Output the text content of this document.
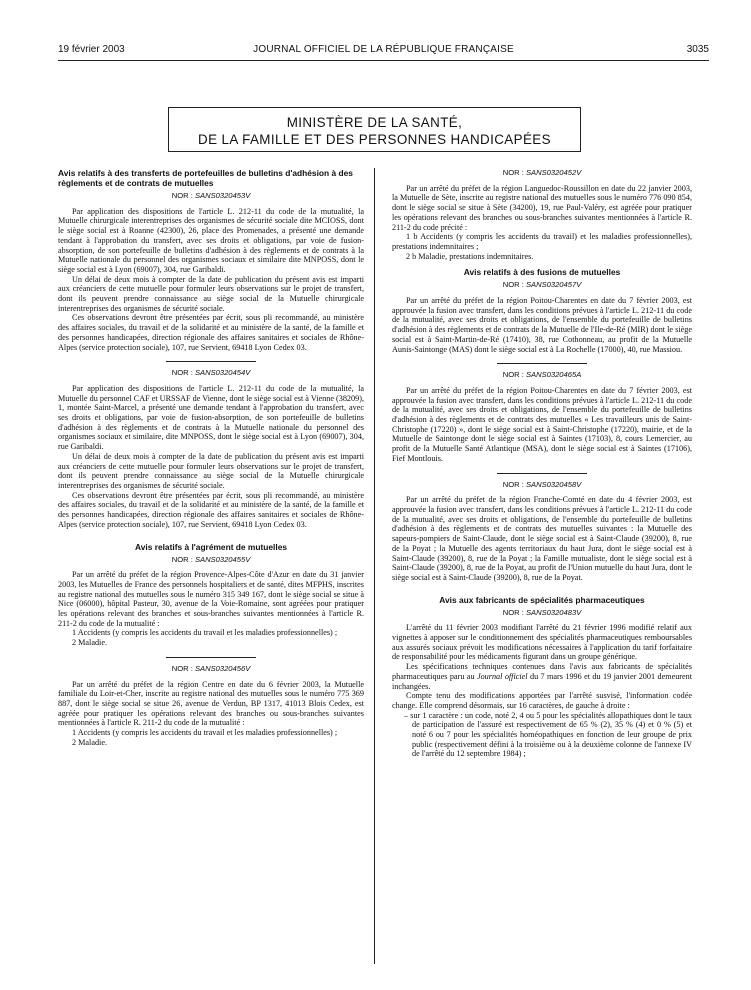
19 février 2003	JOURNAL OFFICIEL DE LA RÉPUBLIQUE FRANÇAISE	3035
MINISTÈRE DE LA SANTÉ,
DE LA FAMILLE ET DES PERSONNES HANDICAPÉES
Avis relatifs à des transferts de portefeuilles de bulletins d'adhésion à des règlements et de contrats de mutuelles
NOR : SANS0320453V

Par application des dispositions de l'article L. 212-11 du code de la mutualité, la Mutuelle chirurgicale interentreprises des organismes de sécurité sociale dite MCIOSS, dont le siège social est à Roanne (42300), 26, place des Promenades, a présenté une demande tendant à l'approbation du transfert, avec ses droits et obligations, par voie de fusion-absorption, de son portefeuille de bulletins d'adhésion à des règlements et de contrats à la Mutuelle nationale du personnel des organismes sociaux et similaire dite MNPOSS, dont le siège social est à Lyon (69007), 304, rue Garibaldi.

Un délai de deux mois à compter de la date de publication du présent avis est imparti aux créanciers de cette mutuelle pour formuler leurs observations sur le projet de transfert, dont ils peuvent prendre connaissance au siège social de la Mutuelle chirurgicale interentreprises des organismes de sécurité sociale.

Ces observations devront être présentées par écrit, sous pli recommandé, au ministère des affaires sociales, du travail et de la solidarité et au ministère de la santé, de la famille et des personnes handicapées, direction régionale des affaires sanitaires et sociales de Rhône-Alpes (service protection sociale), 107, rue Servient, 69418 Lyon Cedex 03.

NOR : SANS0320454V

Par application des dispositions de l'article L. 212-11 du code de la mutualité, la Mutuelle du personnel CAF et URSSAF de Vienne, dont le siège social est à Vienne (38209), 1, montée Saint-Marcel, a présenté une demande tendant à l'approbation du transfert, avec ses droits et obligations, par voie de fusion-absorption, de son portefeuille de bulletins d'adhésion à des règlements et de contrats à la Mutuelle nationale du personnel des organismes sociaux et similaire, dite MNPOSS, dont le siège social est à Lyon (69007), 304, rue Garibaldi.

Un délai de deux mois à compter de la date de publication du présent avis est imparti aux créanciers de cette mutuelle pour formuler leurs observations sur le projet de transfert, dont ils peuvent prendre connaissance au siège social de la Mutuelle chirurgicale interentreprises des organismes de sécurité sociale.

Ces observations devront être présentées par écrit, sous pli recommandé, au ministère des affaires sociales, du travail et de la solidarité et au ministère de la santé, de la famille et des personnes handicapées, direction régionale des affaires sanitaires et sociales de Rhône-Alpes (service protection sociale), 107, rue Servient, 69418 Lyon Cedex 03.

Avis relatifs à l'agrément de mutuelles
NOR : SANS0320455V

Par un arrêté du préfet de la région Provence-Alpes-Côte d'Azur en date du 31 janvier 2003, les Mutuelles de France des personnels hospitaliers et de santé, dites MFPHS, inscrites au registre national des mutuelles sous le numéro 315 349 167, dont le siège social se situe à Nice (06000), hôpital Pasteur, 30, avenue de la Voie-Romaine, sont agréées pour pratiquer les opérations relevant des branches et sous-branches suivantes mentionnées à l'article R. 211-2 du code de la mutualité :

1 Accidents (y compris les accidents du travail et les maladies professionnelles) ;

2 Maladie.

NOR : SANS0320456V

Par un arrêté du préfet de la région Centre en date du 6 février 2003, la Mutuelle familiale du Loir-et-Cher, inscrite au registre national des mutuelles sous le numéro 775 369 887, dont le siège social se situe 26, avenue de Verdun, BP 1317, 41013 Blois Cedex, est agréée pour pratiquer les opérations relevant des branches ou sous-branches suivantes mentionnées à l'article R. 211-2 du code de la mutualité :

1 Accidents (y compris les accidents du travail et les maladies professionnelles) ;

2 Maladie.

NOR : SANS0320452V

Par un arrêté du préfet de la région Languedoc-Roussillon en date du 22 janvier 2003, la Mutuelle de Sète, inscrite au registre national des mutuelles sous le numéro 776 090 854, dont le siège social se situe à Sète (34200), 19, rue Paul-Valéry, est agréée pour pratiquer les opérations relevant des branches ou sous-branches suivantes mentionnées à l'article R. 211-2 du code précité :

1 b Accidents (y compris les accidents du travail) et les maladies professionnelles), prestations indemnitaires ;

2 b Maladie, prestations indemnitaires.

Avis relatifs à des fusions de mutuelles
NOR : SANS0320457V

Par un arrêté du préfet de la région Poitou-Charentes en date du 7 février 2003, est approuvée la fusion avec transfert, dans les conditions prévues à l'article L. 212-11 du code de la mutualité, avec ses droits et obligations, de l'ensemble du portefeuille de bulletins d'adhésion à des règlements et de contrats de la Mutuelle de l'Ile-de-Ré (MIR) dont le siège social est à Saint-Martin-de-Ré (17410), 38, rue Cothonneau, au profit de la Mutuelle Aunis-Saintonge (MAS) dont le siège social est à La Rochelle (17000), 40, rue Massiou.

NOR : SANS0320465A

Par un arrêté du préfet de la région Poitou-Charentes en date du 7 février 2003, est approuvée la fusion avec transfert, dans les conditions prévues à l'article L. 212-11 du code de la mutualité, avec ses droits et obligations, de l'ensemble du portefeuille de bulletins d'adhésion à des règlements et de contrats des mutuelles « Les travailleurs unis de Saint-Christophe (17220) », dont le siège social est à Saint-Christophe (17220), mairie, et de la Mutuelle de Saintonge dont le siège social est à Saintes (17103), 8, cours Lemercier, au profit de la Mutuelle Santé Atlantique (MSA), dont le siège social est à Saintes (17106), Fief Montlouis.

NOR : SANS0320458V

Par un arrêté du préfet de la région Franche-Comté en date du 4 février 2003, est approuvée la fusion avec transfert, dans les conditions prévues à l'article L. 212-11 du code de la mutualité, avec ses droits et obligations, de l'ensemble du portefeuille de bulletins d'adhésion à des règlements et de contrats des mutuelles suivantes : la Mutuelle des sapeurs-pompiers de Saint-Claude, dont le siège social est à Saint-Claude (39200), 8, rue de la Poyat ; la Mutuelle des agents territoriaux du haut Jura, dont le siège social est à Saint-Claude (39200), 8, rue de la Poyat ; la Famille mutualiste, dont le siège social est à Saint-Claude (39200), 8, rue de la Poyat, au profit de l'Union mutuelle du haut Jura, dont le siège social est à Saint-Claude (39200), 8, rue de la Poyat.

Avis aux fabricants de spécialités pharmaceutiques
NOR : SANS0320483V

L'arrêté du 11 février 2003 modifiant l'arrêté du 21 février 1996 modifié relatif aux vignettes à apposer sur le conditionnement des spécialités pharmaceutiques remboursables aux assurés sociaux prévoit les modifications nécessaires à l'application du tarif forfaitaire de responsabilité pour les médicaments figurant dans un groupe générique.

Les spécifications techniques contenues dans l'avis aux fabricants de spécialités pharmaceutiques paru au Journal officiel du 7 mars 1996 et du 19 janvier 2001 demeurent inchangées.

Compte tenu des modifications apportées par l'arrêté susvisé, l'information codée change. Elle comprend désormais, sur 16 caractères, de gauche à droite :

– sur 1 caractère : un code, noté 2, 4 ou 5 pour les spécialités allopathiques dont le taux de participation de l'assuré est respectivement de 65 % (2), 35 % (4) et 0 % (5) et noté 6 ou 7 pour les spécialités homéopathiques en fonction de leur groupe de prix public (respectivement défini à la troisième ou à la deuxième colonne de l'annexe IV de l'arrêté du 12 septembre 1984) ;
